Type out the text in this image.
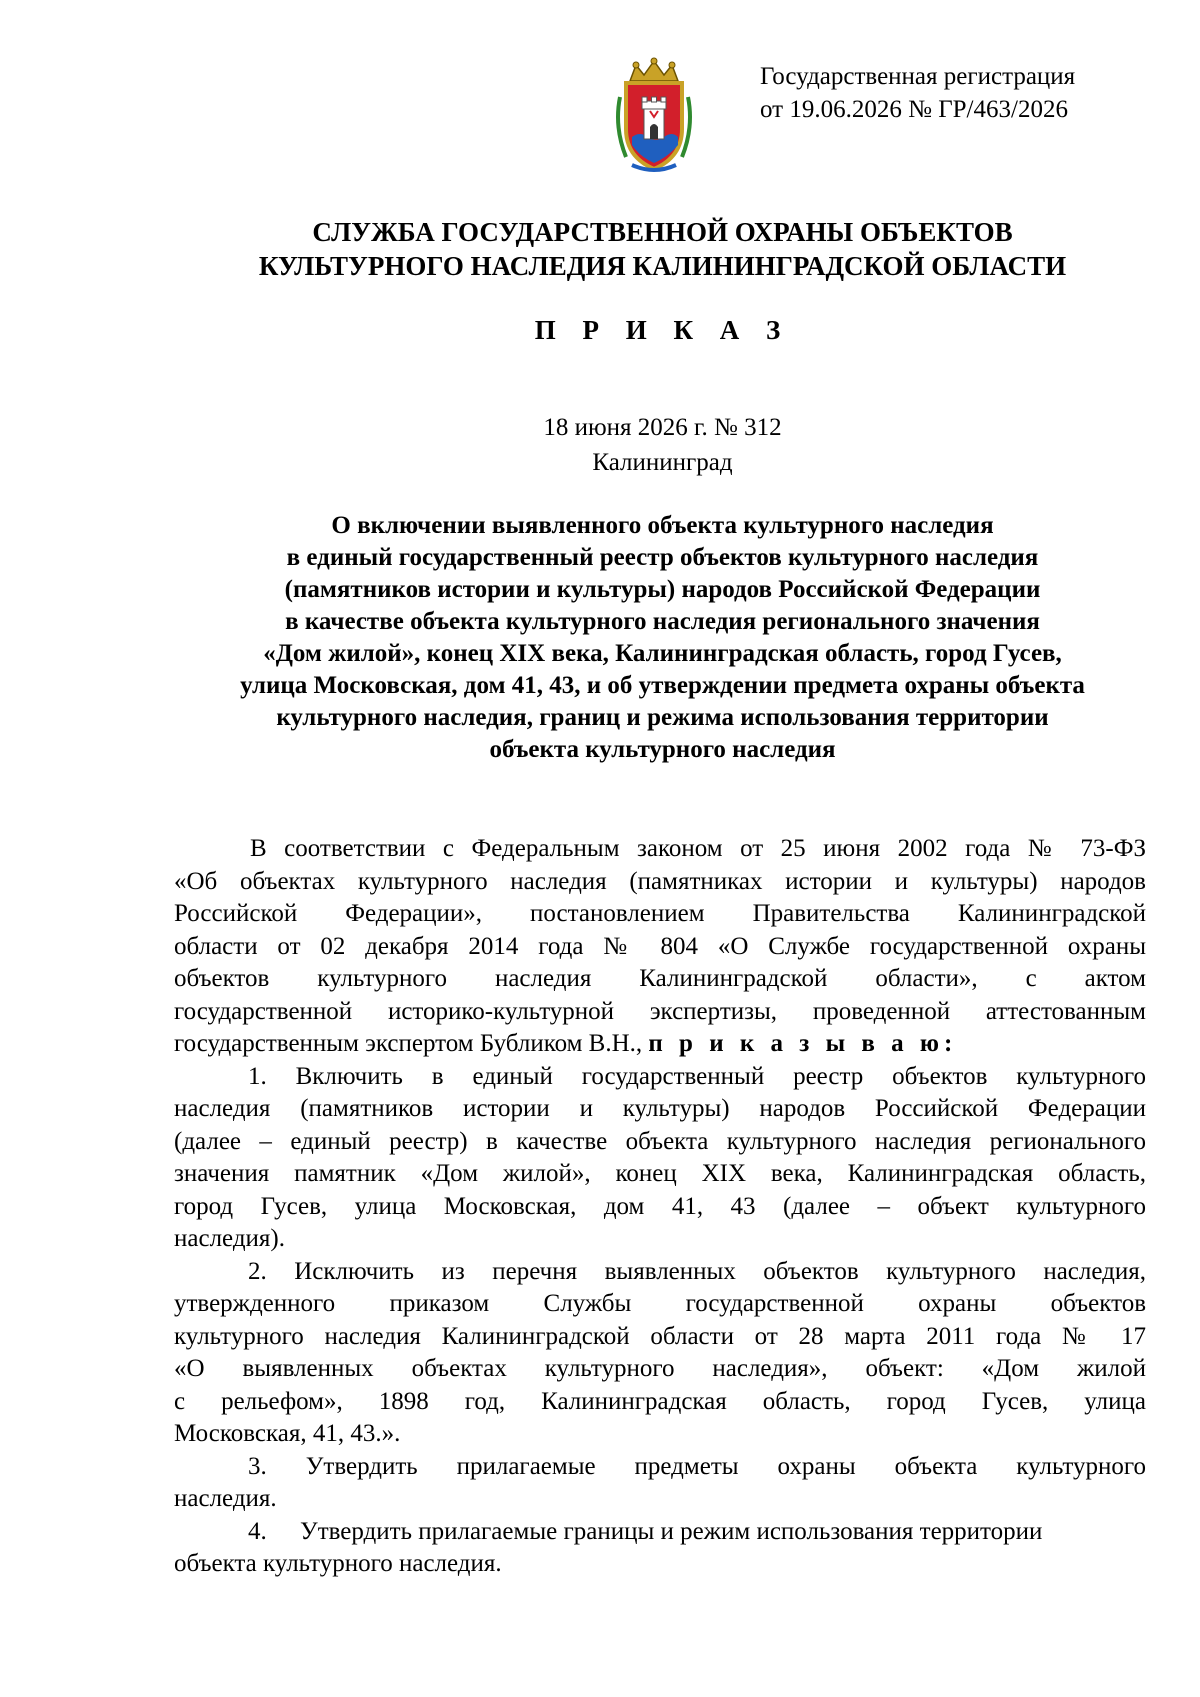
Государственная регистрация
от 19.06.2026 № ГР/463/2026
СЛУЖБА ГОСУДАРСТВЕННОЙ ОХРАНЫ ОБЪЕКТОВ
КУЛЬТУРНОГО НАСЛЕДИЯ КАЛИНИНГРАДСКОЙ ОБЛАСТИ
П Р И К А З
18 июня 2026 г. № 312
Калининград
О включении выявленного объекта культурного наследия
в единый государственный реестр объектов культурного наследия
(памятников истории и культуры) народов Российской Федерации
в качестве объекта культурного наследия регионального значения
«Дом жилой», конец XIX века, Калининградская область, город Гусев,
улица Московская, дом 41, 43, и об утверждении предмета охраны объекта
культурного наследия, границ и режима использования территории
объекта культурного наследия
В соответствии с Федеральным законом от 25 июня 2002 года № 73-ФЗ
«Об объектах культурного наследия (памятниках истории и культуры) народов
Российской Федерации», постановлением Правительства Калининградской
области от 02 декабря 2014 года № 804 «О Службе государственной охраны
объектов культурного наследия Калининградской области», с актом
государственной историко-культурной экспертизы, проведенной аттестованным
государственным экспертом Бубликом В.Н., п р и к а з ы в а ю:
1. Включить в единый государственный реестр объектов культурного
наследия (памятников истории и культуры) народов Российской Федерации
(далее – единый реестр) в качестве объекта культурного наследия регионального
значения памятник «Дом жилой», конец XIX века, Калининградская область,
город Гусев, улица Московская, дом 41, 43 (далее – объект культурного
наследия).
2. Исключить из перечня выявленных объектов культурного наследия,
утвержденного приказом Службы государственной охраны объектов
культурного наследия Калининградской области от 28 марта 2011 года № 17
«О выявленных объектах культурного наследия», объект: «Дом жилой
с рельефом», 1898 год, Калининградская область, город Гусев, улица
Московская, 41, 43.».
3. Утвердить прилагаемые предметы охраны объекта культурного
наследия.
4. Утвердить прилагаемые границы и режим использования территории
объекта культурного наследия.
